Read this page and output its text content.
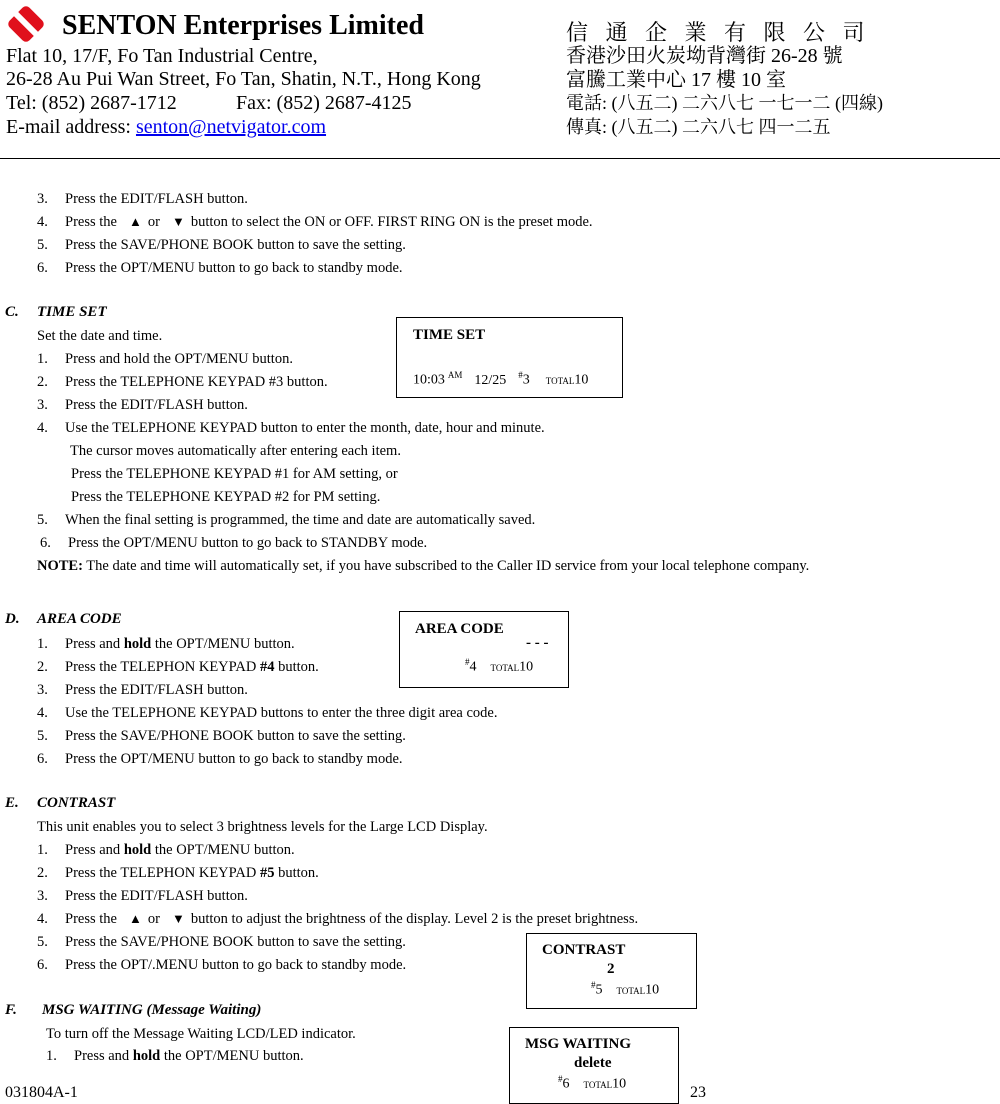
SENTON Enterprises Limited
Flat 10, 17/F, Fo Tan Industrial Centre,
26-28 Au Pui Wan Street, Fo Tan, Shatin, N.T., Hong Kong
Tel: (852) 2687-1712	Fax: (852) 2687-4125
E-mail address: senton@netvigator.com
信 通 企 業 有 限 公 司
香港沙田火炭坳背灣街 26-28 號
富騰工業中心 17 樓 10 室
電話: (八五二) 二六八七 一七一二 (四線)
傳真: (八五二) 二六八七 四一二五
3. Press the EDIT/FLASH button.
4. Press the ▲ or ▼ button to select the ON or OFF. FIRST RING ON is the preset mode.
5. Press the SAVE/PHONE BOOK button to save the setting.
6. Press the OPT/MENU button to go back to standby mode.
C. TIME SET
Set the date and time.
1. Press and hold the OPT/MENU button.
2. Press the TELEPHONE KEYPAD #3 button.
3. Press the EDIT/FLASH button.
4. Use the TELEPHONE KEYPAD button to enter the month, date, hour and minute.
The cursor moves automatically after entering each item.
Press the TELEPHONE KEYPAD #1 for AM setting, or
Press the TELEPHONE KEYPAD #2 for PM setting.
5. When the final setting is programmed, the time and date are automatically saved.
6. Press the OPT/MENU button to go back to STANDBY mode.
NOTE: The date and time will automatically set, if you have subscribed to the Caller ID service from your local telephone company.
TIME SET
10:03 $^{AM}$ 12/25 #3 TOTAL10
D. AREA CODE
1. Press and hold the OPT/MENU button.
2. Press the TELEPHON KEYPAD #4 button.
3. Press the EDIT/FLASH button.
4. Use the TELEPHONE KEYPAD buttons to enter the three digit area code.
5. Press the SAVE/PHONE BOOK button to save the setting.
6. Press the OPT/MENU button to go back to standby mode.
AREA CODE
- - -
#4 TOTAL10
E. CONTRAST
This unit enables you to select 3 brightness levels for the Large LCD Display.
1. Press and hold the OPT/MENU button.
2. Press the TELEPHON KEYPAD #5 button.
3. Press the EDIT/FLASH button.
4. Press the ▲ or ▼ button to adjust the brightness of the display. Level 2 is the preset brightness.
5. Press the SAVE/PHONE BOOK button to save the setting.
6. Press the OPT/.MENU button to go back to standby mode.
CONTRAST
2
#5 TOTAL10
F. MSG WAITING (Message Waiting)
To turn off the Message Waiting LCD/LED indicator.
1. Press and hold the OPT/MENU button.
MSG WAITING
delete
#6 TOTAL10
031804A-1	23
